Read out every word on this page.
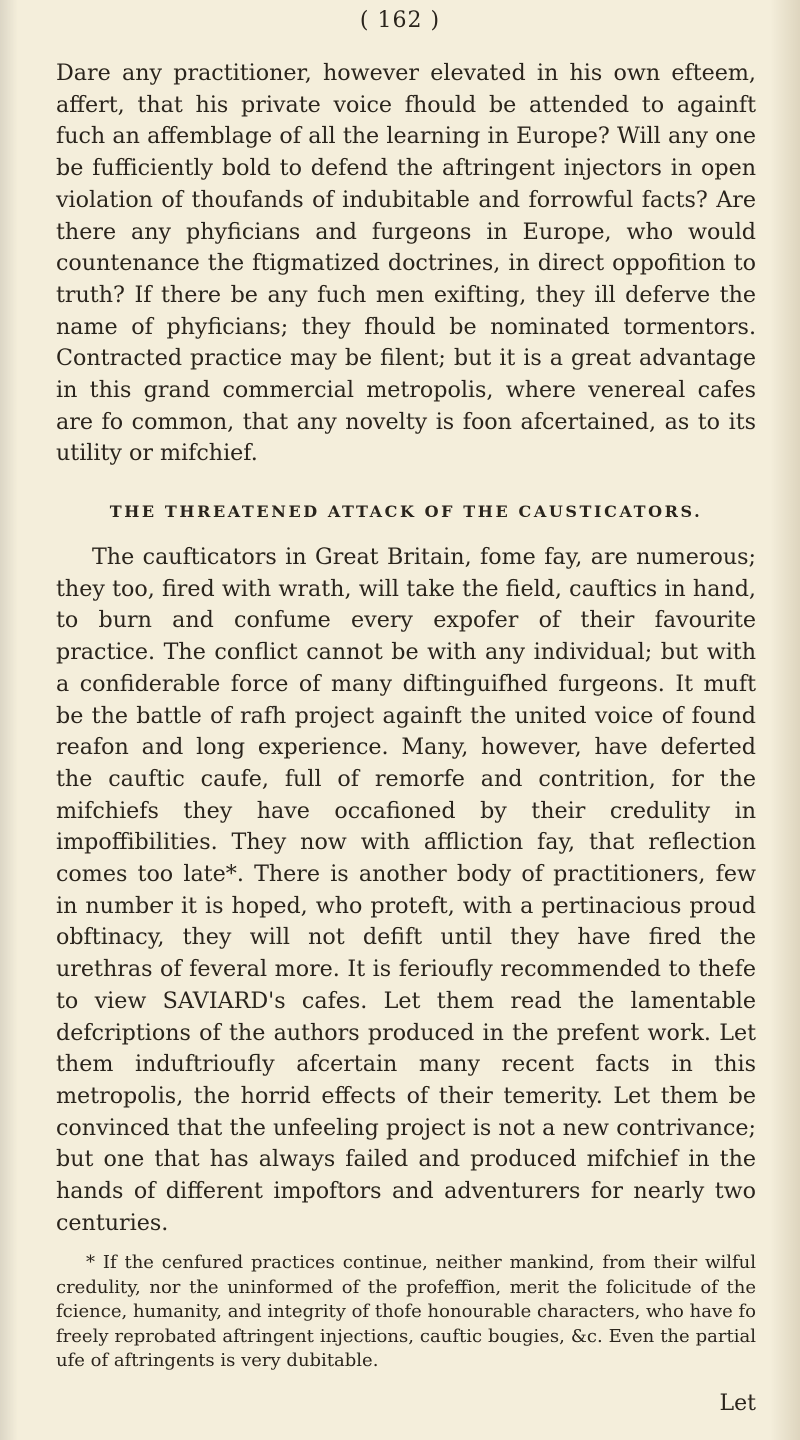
( 162 )

Dare any practitioner, however elevated in his own efteem, affert, that his private voice fhould be attended to againft fuch an affemblage of all the learning in Europe? Will any one be fufficiently bold to defend the aftringent injectors in open violation of thoufands of indubitable and forrowful facts? Are there any phyficians and furgeons in Europe, who would countenance the ftigmatized doctrines, in direct oppofition to truth? If there be any fuch men exifting, they ill deferve the name of phyficians; they fhould be nominated tormentors. Contracted practice may be filent; but it is a great advantage in this grand commercial metropolis, where venereal cafes are fo common, that any novelty is foon afcertained, as to its utility or mifchief.

THE THREATENED ATTACK OF THE CAUSTICATORS.

The caufticators in Great Britain, fome fay, are numerous; they too, fired with wrath, will take the field, cauftics in hand, to burn and confume every expofer of their favourite practice. The conflict cannot be with any individual; but with a confiderable force of many diftinguifhed furgeons. It muft be the battle of rafh project againft the united voice of found reafon and long experience. Many, however, have deferted the cauftic caufe, full of remorfe and contrition, for the mifchiefs they have occafioned by their credulity in impoffibilities. They now with affliction fay, that reflection comes too late*. There is another body of practitioners, few in number it is hoped, who proteft, with a pertinacious proud obftinacy, they will not defift until they have fired the urethras of feveral more. It is ferioufly recommended to thefe to view SAVIARD's cafes. Let them read the lamentable defcriptions of the authors produced in the prefent work. Let them induftrioufly afcertain many recent facts in this metropolis, the horrid effects of their temerity. Let them be convinced that the unfeeling project is not a new contrivance; but one that has always failed and produced mifchief in the hands of different impoftors and adventurers for nearly two centuries.

* If the cenfured practices continue, neither mankind, from their wilful credulity, nor the uninformed of the profeffion, merit the folicitude of the fcience, humanity, and integrity of thofe honourable characters, who have fo freely reprobated aftringent injections, cauftic bougies, &c. Even the partial ufe of aftringents is very dubitable.

Let
